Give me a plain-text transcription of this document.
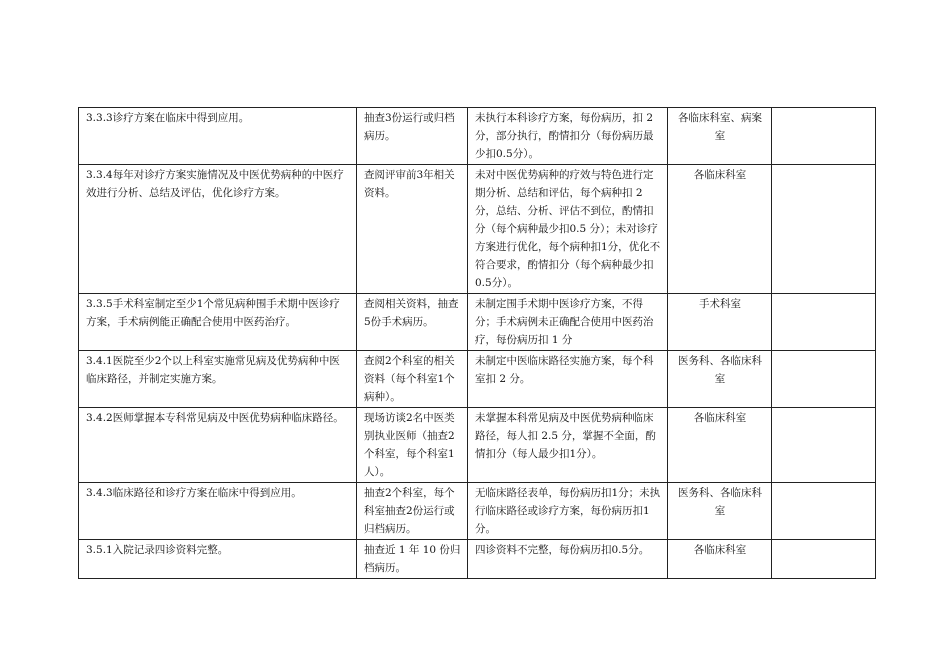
3.3.3诊疗方案在临床中得到应用。	抽查3份运行或归档病历。	未执行本科诊疗方案，每份病历，扣 2 分，部分执行，酌情扣分（每份病历最少扣0.5分）。	各临床科室、病案室	
3.3.4每年对诊疗方案实施情况及中医优势病种的中医疗效进行分析、总结及评估，优化诊疗方案。	查阅评审前3年相关资料。	未对中医优势病种的疗效与特色进行定期分析、总结和评估，每个病种扣 2 分，总结、分析、评估不到位，酌情扣分（每个病种最少扣0.5 分）；未对诊疗方案进行优化，每个病种扣1分，优化不符合要求，酌情扣分（每个病种最少扣0.5分）。	各临床科室	
3.3.5手术科室制定至少1个常见病种围手术期中医诊疗方案，手术病例能正确配合使用中医药治疗。	查阅相关资料，抽查5份手术病历。	未制定围手术期中医诊疗方案，不得分；手术病例未正确配合使用中医药治疗，每份病历扣 1 分	手术科室	
3.4.1医院至少2个以上科室实施常见病及优势病种中医临床路径，并制定实施方案。	查阅2个科室的相关资料（每个科室1个病种）。	未制定中医临床路径实施方案，每个科室扣 2 分。	医务科、各临床科室	
3.4.2医师掌握本专科常见病及中医优势病种临床路径。	现场访谈2名中医类别执业医师（抽查2个科室，每个科室1人）。	未掌握本科常见病及中医优势病种临床路径，每人扣 2.5 分，掌握不全面，酌情扣分（每人最少扣1分）。	各临床科室	
3.4.3临床路径和诊疗方案在临床中得到应用。	抽查2个科室，每个科室抽查2份运行或归档病历。	无临床路径表单，每份病历扣1分；未执行临床路径或诊疗方案，每份病历扣1分。	医务科、各临床科室	
3.5.1入院记录四诊资料完整。	抽查近 1 年 10 份归档病历。	四诊资料不完整，每份病历扣0.5分。	各临床科室	
